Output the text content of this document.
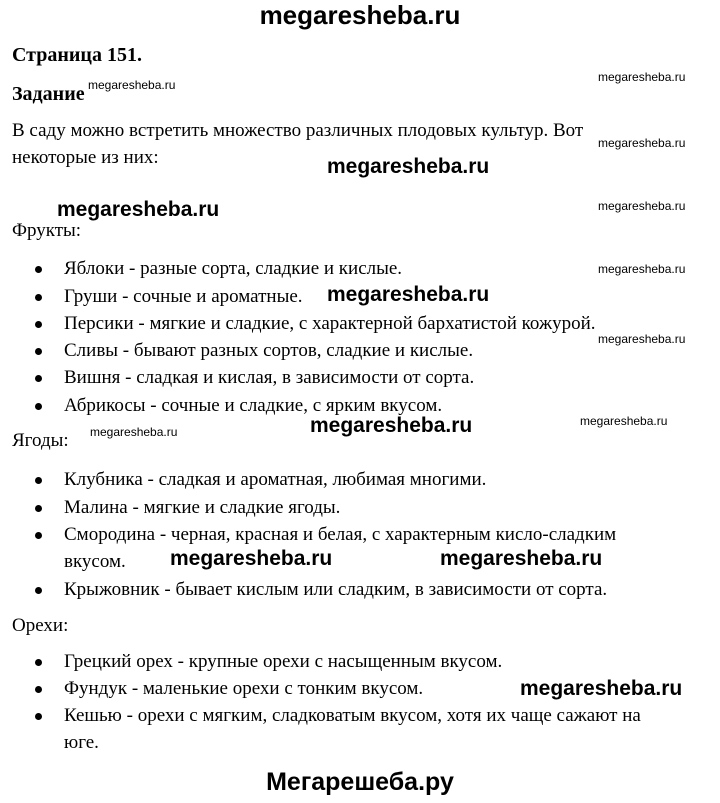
megaresheba.ru
Страница 151.
Задание
В саду можно встретить множество различных плодовых культур. Вот
некоторые из них:
Фрукты:
Яблоки - разные сорта, сладкие и кислые.
Груши - сочные и ароматные.
Персики - мягкие и сладкие, с характерной бархатистой кожурой.
Сливы - бывают разных сортов, сладкие и кислые.
Вишня - сладкая и кислая, в зависимости от сорта.
Абрикосы - сочные и сладкие, с ярким вкусом.
Ягоды:
Клубника - сладкая и ароматная, любимая многими.
Малина - мягкие и сладкие ягоды.
Смородина - черная, красная и белая, с характерным кисло-сладким
вкусом.
Крыжовник - бывает кислым или сладким, в зависимости от сорта.
Орехи:
Грецкий орех - крупные орехи с насыщенным вкусом.
Фундук - маленькие орехи с тонким вкусом.
Кешью - орехи с мягким, сладковатым вкусом, хотя их чаще сажают на
юге.
megaresheba.ru
megaresheba.ru
megaresheba.ru
megaresheba.ru
megaresheba.ru
megaresheba.ru
megaresheba.ru
megaresheba.ru
megaresheba.ru
megaresheba.ru
megaresheba.ru
megaresheba.ru
megaresheba.ru	megaresheba.ru
megaresheba.ru
Мегарешеба.ру
